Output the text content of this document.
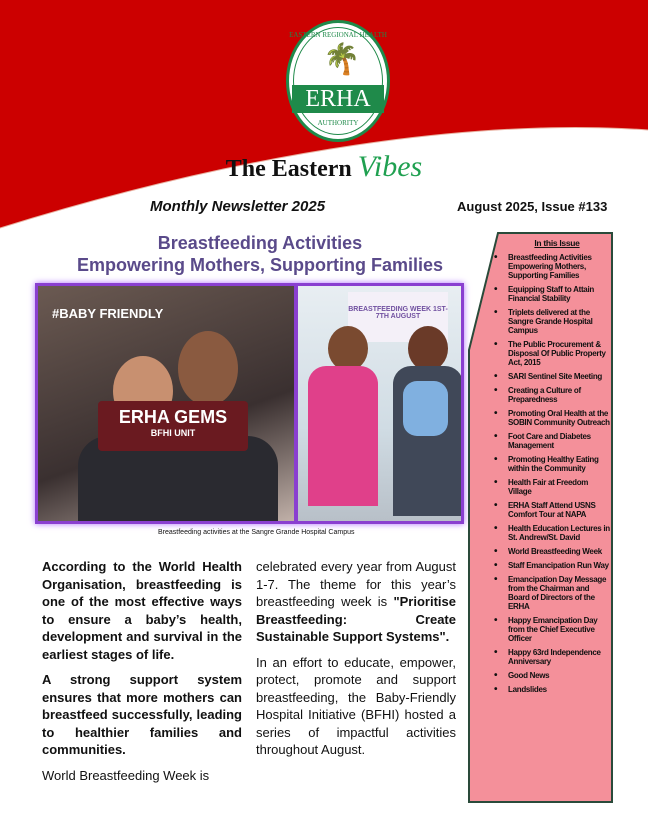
EASTERN REGIONAL HEALTH
🌴
ERHA
AUTHORITY
The Eastern Vibes
Monthly Newsletter 2025	August 2025, Issue #133
Breastfeeding Activities
Empowering Mothers, Supporting Families
#BABY FRIENDLY
ERHA GEMS
BFHI UNIT
BREASTFEEDING WEEK 1ST-7TH AUGUST
Breastfeeding activities at the Sangre Grande Hospital Campus

According to the World Health Organisation, breastfeeding is one of the most effective ways to ensure a baby’s health, development and survival in the earliest stages of life.

A strong support system ensures that more mothers can breastfeed successfully, leading to healthier families and communities.

World Breastfeeding Week is

celebrated every year from August 1-7. The theme for this year’s breastfeeding week is "Prioritise Breastfeeding: Create Sustainable Support Systems".

In an effort to educate, empower, protect, promote and support breastfeeding, the Baby-Friendly Hospital Initiative (BFHI) hosted a series of impactful activities throughout August.

In this Issue
• Breastfeeding Activities Empowering Mothers, Supporting Families
• Equipping Staff to Attain Financial Stability
• Triplets delivered at the Sangre Grande Hospital Campus
• The Public Procurement & Disposal Of Public Property Act, 2015
• SARI Sentinel Site Meeting
• Creating a Culture of Preparedness
• Promoting Oral Health at the SOBIN Community Outreach
• Foot Care and Diabetes Management
• Promoting Healthy Eating within the Community
• Health Fair at Freedom Village
• ERHA Staff Attend USNS Comfort Tour at NAPA
• Health Education Lectures in St. Andrew/St. David
• World Breastfeeding Week
• Staff Emancipation Run Way
• Emancipation Day Message from the Chairman and Board of Directors of the ERHA
• Happy Emancipation Day from the Chief Executive Officer
• Happy 63rd Independence Anniversary
• Good News
• Landslides
